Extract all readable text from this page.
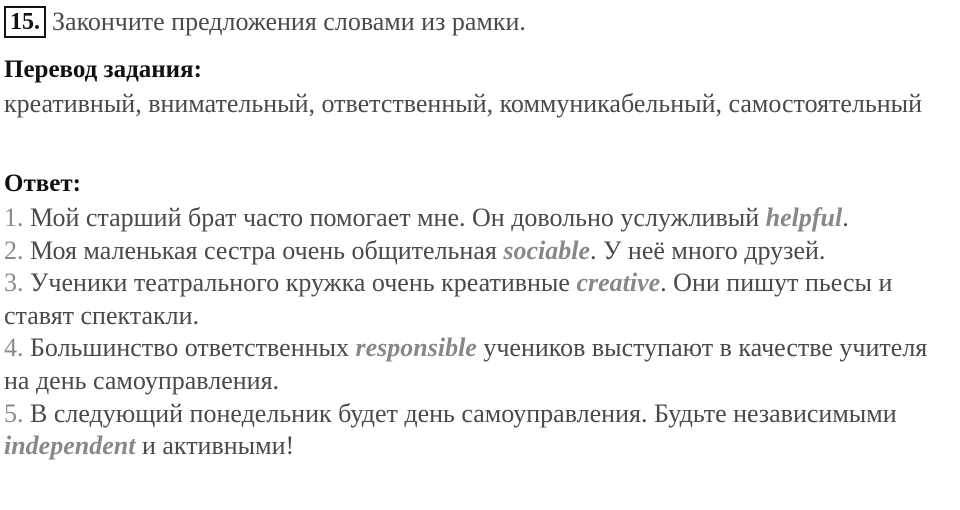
15. Закончите предложения словами из рамки.
Перевод задания:
креативный, внимательный, ответственный, коммуникабельный, самостоятельный
Ответ:
1. Мой старший брат часто помогает мне. Он довольно услужливый helpful.
2. Моя маленькая сестра очень общительная sociable. У неё много друзей.
3. Ученики театрального кружка очень креативные creative. Они пишут пьесы и ставят спектакли.
4. Большинство ответственных responsible учеников выступают в качестве учителя на день самоуправления.
5. В следующий понедельник будет день самоуправления. Будьте независимыми independent и активными!
